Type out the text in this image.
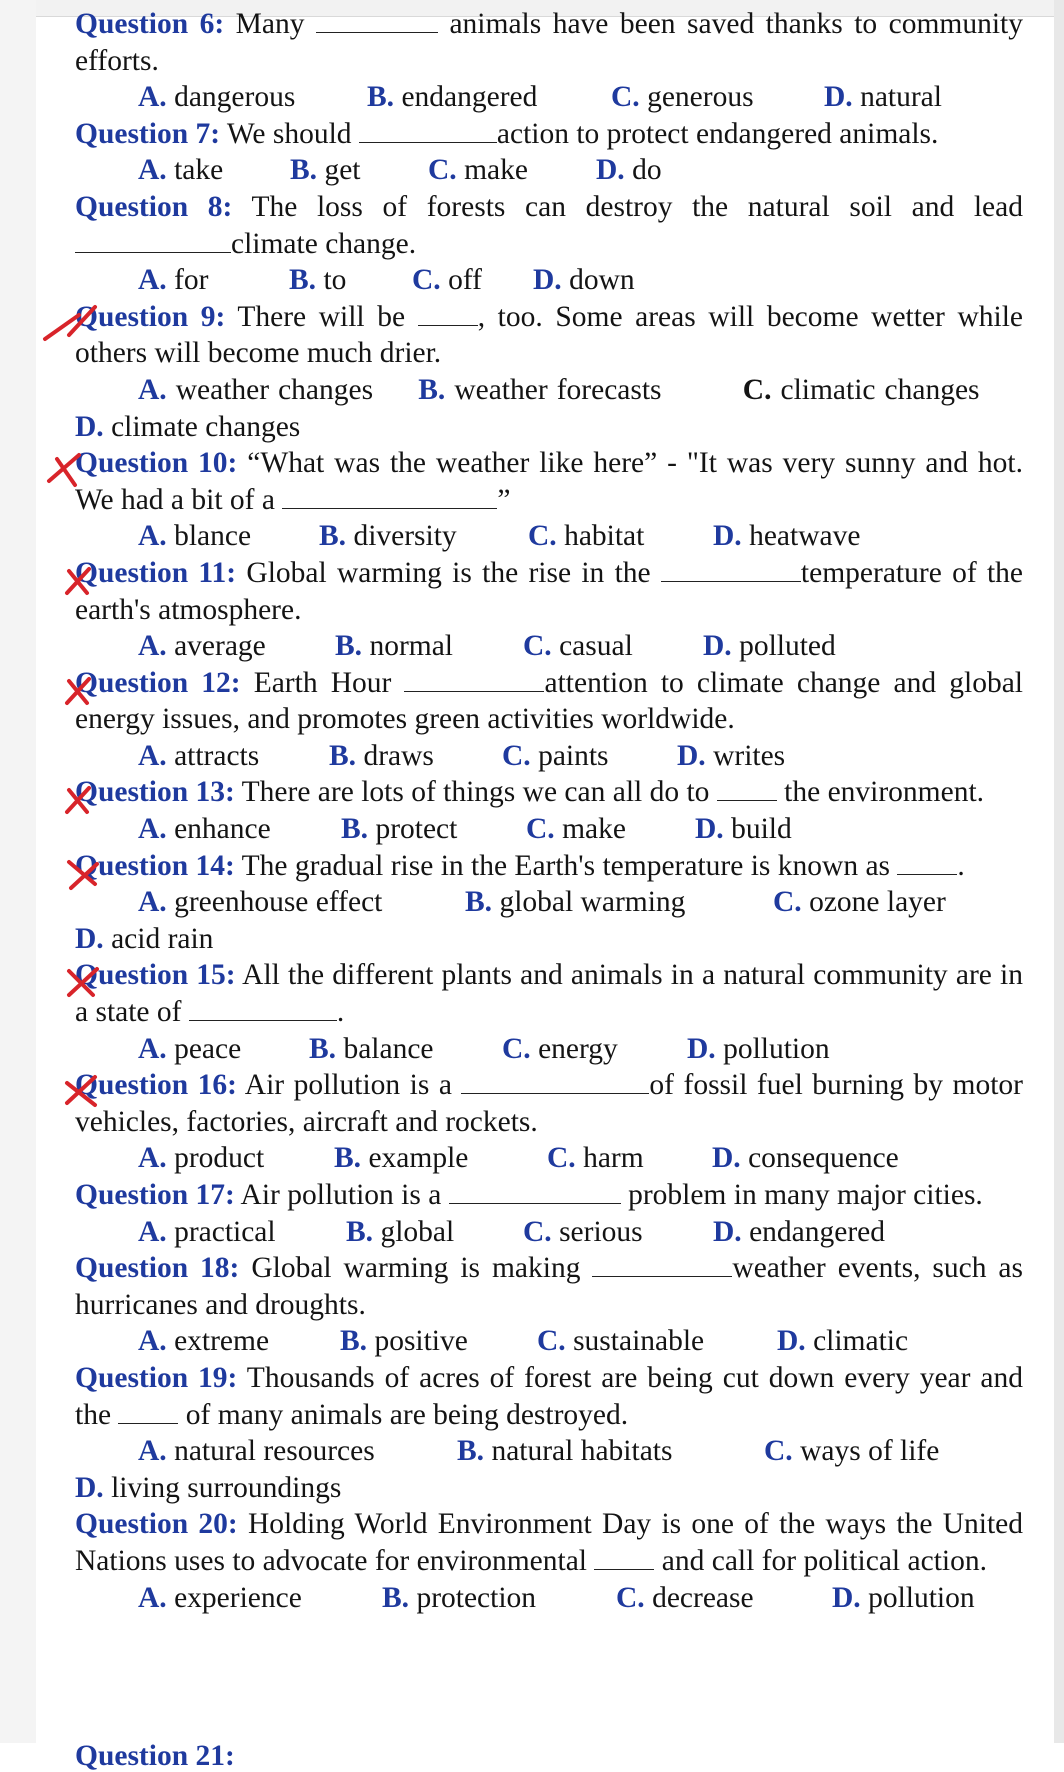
Question 6: Many	animals have been saved thanks to community efforts.
A. dangerous	B. endangered	C. generous	D. natural
Question 7: We should	action to protect endangered animals.
A. take	B. get	C. make	D. do
Question 8: The loss of forests can destroy the natural soil and lead climate change.
A. for	B. to	C. off	D. down
Question 9: There will be , too. Some areas will become wetter while others will become much drier.
A. weather changes B. weather forecasts	C. climatic changes      D. climate changes
Question 10: “What was the weather like here” - "It was very sunny and hot. We had a bit of a	”
A. blance	B. diversity	C. habitat	D. heatwave
Question 11: Global warming is the rise in the	temperature of the earth's atmosphere.
A. average	B. normal	C. casual	D. polluted
Question 12: Earth Hour	attention to climate change and global energy issues, and promotes green activities worldwide.
A. attracts	B. draws	C. paints	D. writes
Question 13: There are lots of things we can all do to  the environment.
A. enhance	B. protect	C. make	D. build
Question 14: The gradual rise in the Earth's temperature is known as .
A. greenhouse effect	B. global warming	C. ozone layer
D. acid rain
Question 15: All the different plants and animals in a natural community are in a state of	.
A. peace	B. balance	C. energy	D. pollution
Question 16: Air pollution is a	of fossil fuel burning by motor vehicles, factories, aircraft and rockets.
A. product	B. example	C. harm	D. consequence
Question 17: Air pollution is a	problem in many major cities.
A. practical	B. global	C. serious	D. endangered
Question 18: Global warming is making	weather events, such as hurricanes and droughts.
A. extreme	B. positive	C. sustainable	D. climatic
Question 19: Thousands of acres of forest are being cut down every year and the  of many animals are being destroyed.
A. natural resources	B. natural habitats	C. ways of life
D. living surroundings
Question 20: Holding World Environment Day is one of the ways the United Nations uses to advocate for environmental  and call for political action.
A. experience	B. protection	C. decrease	D. pollution
Question 21:
